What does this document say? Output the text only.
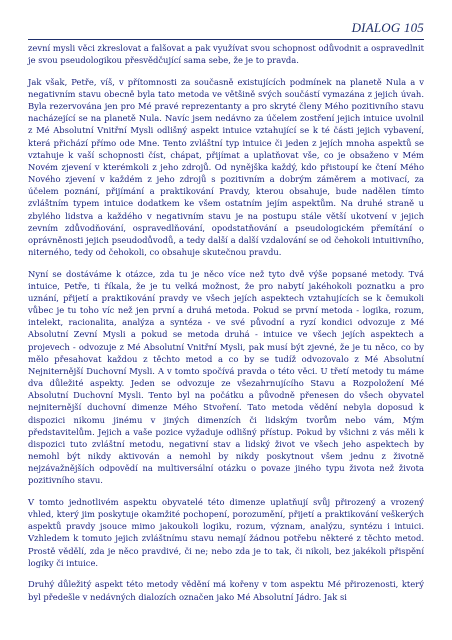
DIALOG 105

zevní mysli věci zkreslovat a falšovat a pak využívat svou schopnost odůvodnit a ospravedlnit je svou pseudologikou přesvědčující sama sebe, že je to pravda.

Jak však, Petře, víš, v přítomnosti za současně existujících podmínek na planetě Nula a v negativním stavu obecně byla tato metoda ve většině svých součástí vymazána z jejich úvah. Byla rezervována jen pro Mé pravé reprezentanty a pro skryté členy Mého pozitivního stavu nacházející se na planetě Nula. Navíc jsem nedávno za účelem zostření jejich intuice uvolnil z Mé Absolutní Vnitřní Mysli odlišný aspekt intuice vztahující se k té části jejich vybavení, která přichází přímo ode Mne. Tento zvláštní typ intuice či jeden z jejích mnoha aspektů se vztahuje k vaší schopnosti číst, chápat, přijímat a uplatňovat vše, co je obsaženo v Mém Novém zjevení v kterémkoli z jeho zdrojů. Od nynějška každý, kdo přistoupí ke čtení Mého Nového zjevení v každém z jeho zdrojů s pozitivním a dobrým záměrem a motivací, za účelem poznání, přijímání a praktikování Pravdy, kterou obsahuje, bude nadělen tímto zvláštním typem intuice dodatkem ke všem ostatním jejím aspektům. Na druhé straně u zbylého lidstva a každého v negativním stavu je na postupu stále větší ukotvení v jejich zevním zdůvodňování, ospravedlňování, opodstatňování a pseudologickém přemítání o oprávněnosti jejich pseudodůvodů, a tedy další a další vzdalování se od čehokoli intuitivního, niterného, tedy od čehokoli, co obsahuje skutečnou pravdu.

Nyní se dostáváme k otázce, zda tu je něco více než tyto dvě výše popsané metody. Tvá intuice, Petře, ti říkala, že je tu velká možnost, že pro nabytí jakéhokoli poznatku a pro uznání, přijetí a praktikování pravdy ve všech jejích aspektech vztahujících se k čemukoli vůbec je tu toho víc než jen první a druhá metoda. Pokud se první metoda - logika, rozum, intelekt, racionalita, analýza a syntéza - ve své původní a ryzí kondici odvozuje z Mé Absolutní Zevní Mysli a pokud se metoda druhá - intuice ve všech jejích aspektech a projevech - odvozuje z Mé Absolutní Vnitřní Mysli, pak musí být zjevné, že je tu něco, co by mělo přesahovat každou z těchto metod a co by se tudíž odvozovalo z Mé Absolutní Nejniternější Duchovní Mysli. A v tomto spočívá pravda o této věci. U třetí metody tu máme dva důležité aspekty. Jeden se odvozuje ze všezahrnujícího Stavu a Rozpoložení Mé Absolutní Duchovní Mysli. Tento byl na počátku a původně přenesen do všech obyvatel nejniternější duchovní dimenze Mého Stvoření. Tato metoda vědění nebyla doposud k dispozici nikomu jinému v jiných dimenzích či lidským tvorům nebo vám, Mým představitelům. Jejich a vaše pozice vyžaduje odlišný přístup. Pokud by všichni z vás měli k dispozici tuto zvláštní metodu, negativní stav a lidský život ve všech jeho aspektech by nemohl být nikdy aktivován a nemohl by nikdy poskytnout všem jednu z životně nejzávažnějších odpovědí na multiversální otázku o povaze jiného typu života než života pozitivního stavu.

V tomto jednotlivém aspektu obyvatelé této dimenze uplatňují svůj přirozený a vrozený vhled, který jim poskytuje okamžité pochopení, porozumění, přijetí a praktikování veškerých aspektů pravdy jsouce mimo jakoukoli logiku, rozum, význam, analýzu, syntézu i intuici. Vzhledem k tomuto jejich zvláštnímu stavu nemají žádnou potřebu některé z těchto metod. Prostě vědělí, zda je něco pravdivé, či ne; nebo zda je to tak, či nikoli, bez jakékoli přispění logiky či intuice.

Druhý důležitý aspekt této metody vědění má kořeny v tom aspektu Mé přirozenosti, který byl předešle v nedávných dialozích označen jako Mé Absolutní Jádro. Jak si
